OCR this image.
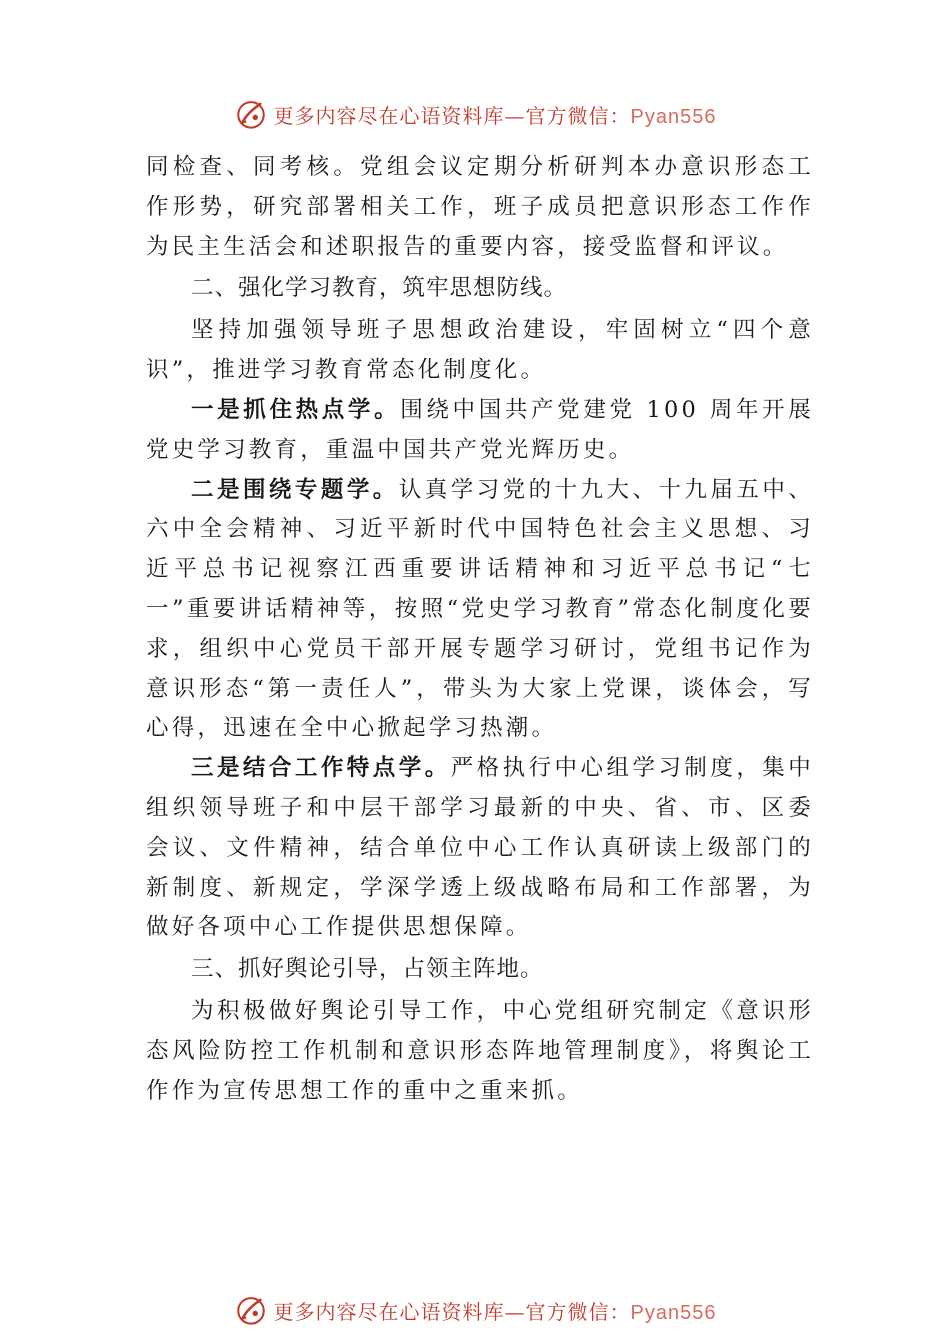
更多内容尽在心语资料库—官方微信：Pyan556

同检查、同考核。党组会议定期分析研判本办意识形态工作形势，研究部署相关工作，班子成员把意识形态工作作为民主生活会和述职报告的重要内容，接受监督和评议。

二、强化学习教育，筑牢思想防线。

坚持加强领导班子思想政治建设，牢固树立“四个意识”，推进学习教育常态化制度化。

一是抓住热点学。围绕中国共产党建党 100 周年开展党史学习教育，重温中国共产党光辉历史。

二是围绕专题学。认真学习党的十九大、十九届五中、六中全会精神、习近平新时代中国特色社会主义思想、习近平总书记视察江西重要讲话精神和习近平总书记“七一”重要讲话精神等，按照“党史学习教育”常态化制度化要求，组织中心党员干部开展专题学习研讨，党组书记作为意识形态“第一责任人”，带头为大家上党课，谈体会，写心得，迅速在全中心掀起学习热潮。

三是结合工作特点学。严格执行中心组学习制度，集中组织领导班子和中层干部学习最新的中央、省、市、区委会议、文件精神，结合单位中心工作认真研读上级部门的新制度、新规定，学深学透上级战略布局和工作部署，为做好各项中心工作提供思想保障。

三、抓好舆论引导，占领主阵地。

为积极做好舆论引导工作，中心党组研究制定《意识形态风险防控工作机制和意识形态阵地管理制度》，将舆论工作作为宣传思想工作的重中之重来抓。

更多内容尽在心语资料库—官方微信：Pyan556
